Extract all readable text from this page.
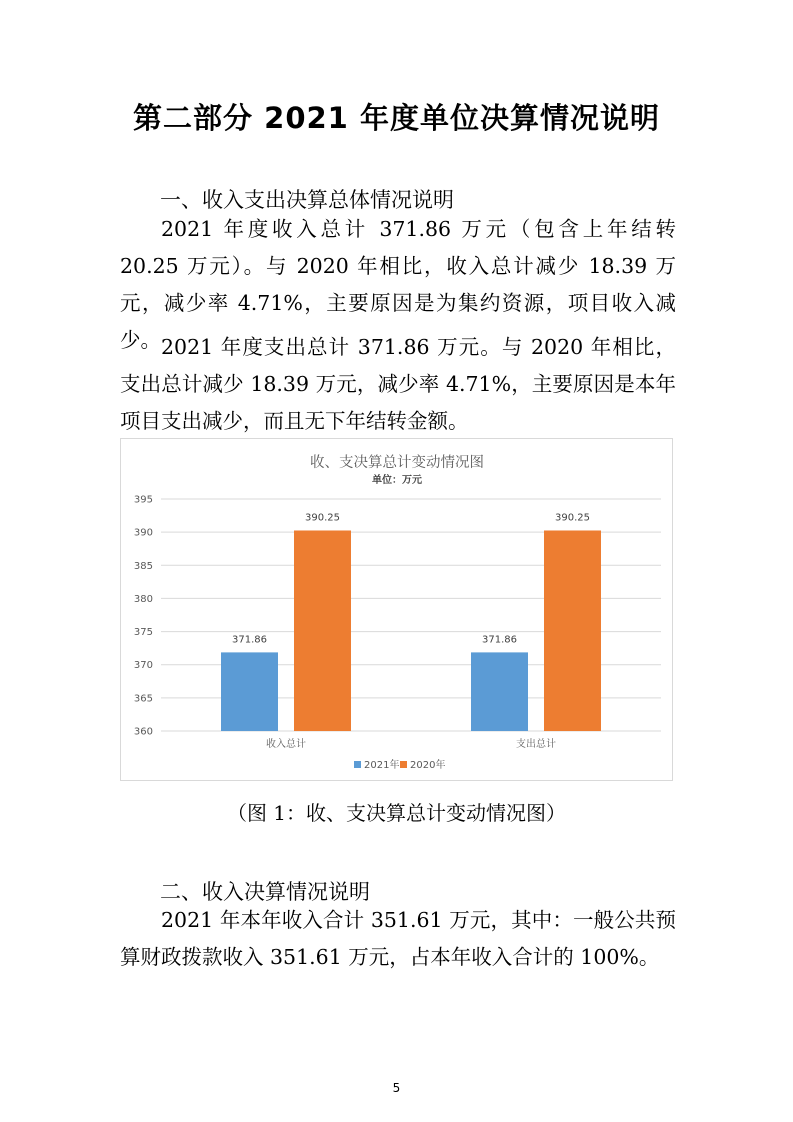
第二部分 2021 年度单位决算情况说明
一、收入支出决算总体情况说明

2021 年度收入总计 371.86 万元（包含上年结转 20.25 万元）。与 2020 年相比，收入总计减少 18.39 万元，减少率 4.71%，主要原因是为集约资源，项目收入减少。 2021 年度支出总计 371.86 万元。与 2020 年相比，支出总计减少 18.39 万元，减少率 4.71%，主要原因是本年项目支出减少，而且无下年结转金额。

收、支决算总计变动情况图
单位：万元
360
365
370
375
380
385
390
395
371.86
390.25
371.86
390.25
收入总计	支出总计
2021年 2020年
（图 1：收、支决算总计变动情况图）
二、收入决算情况说明

2021 年本年收入合计 351.61 万元，其中：一般公共预算财政拨款收入 351.61 万元，占本年收入合计的 100%。

5
